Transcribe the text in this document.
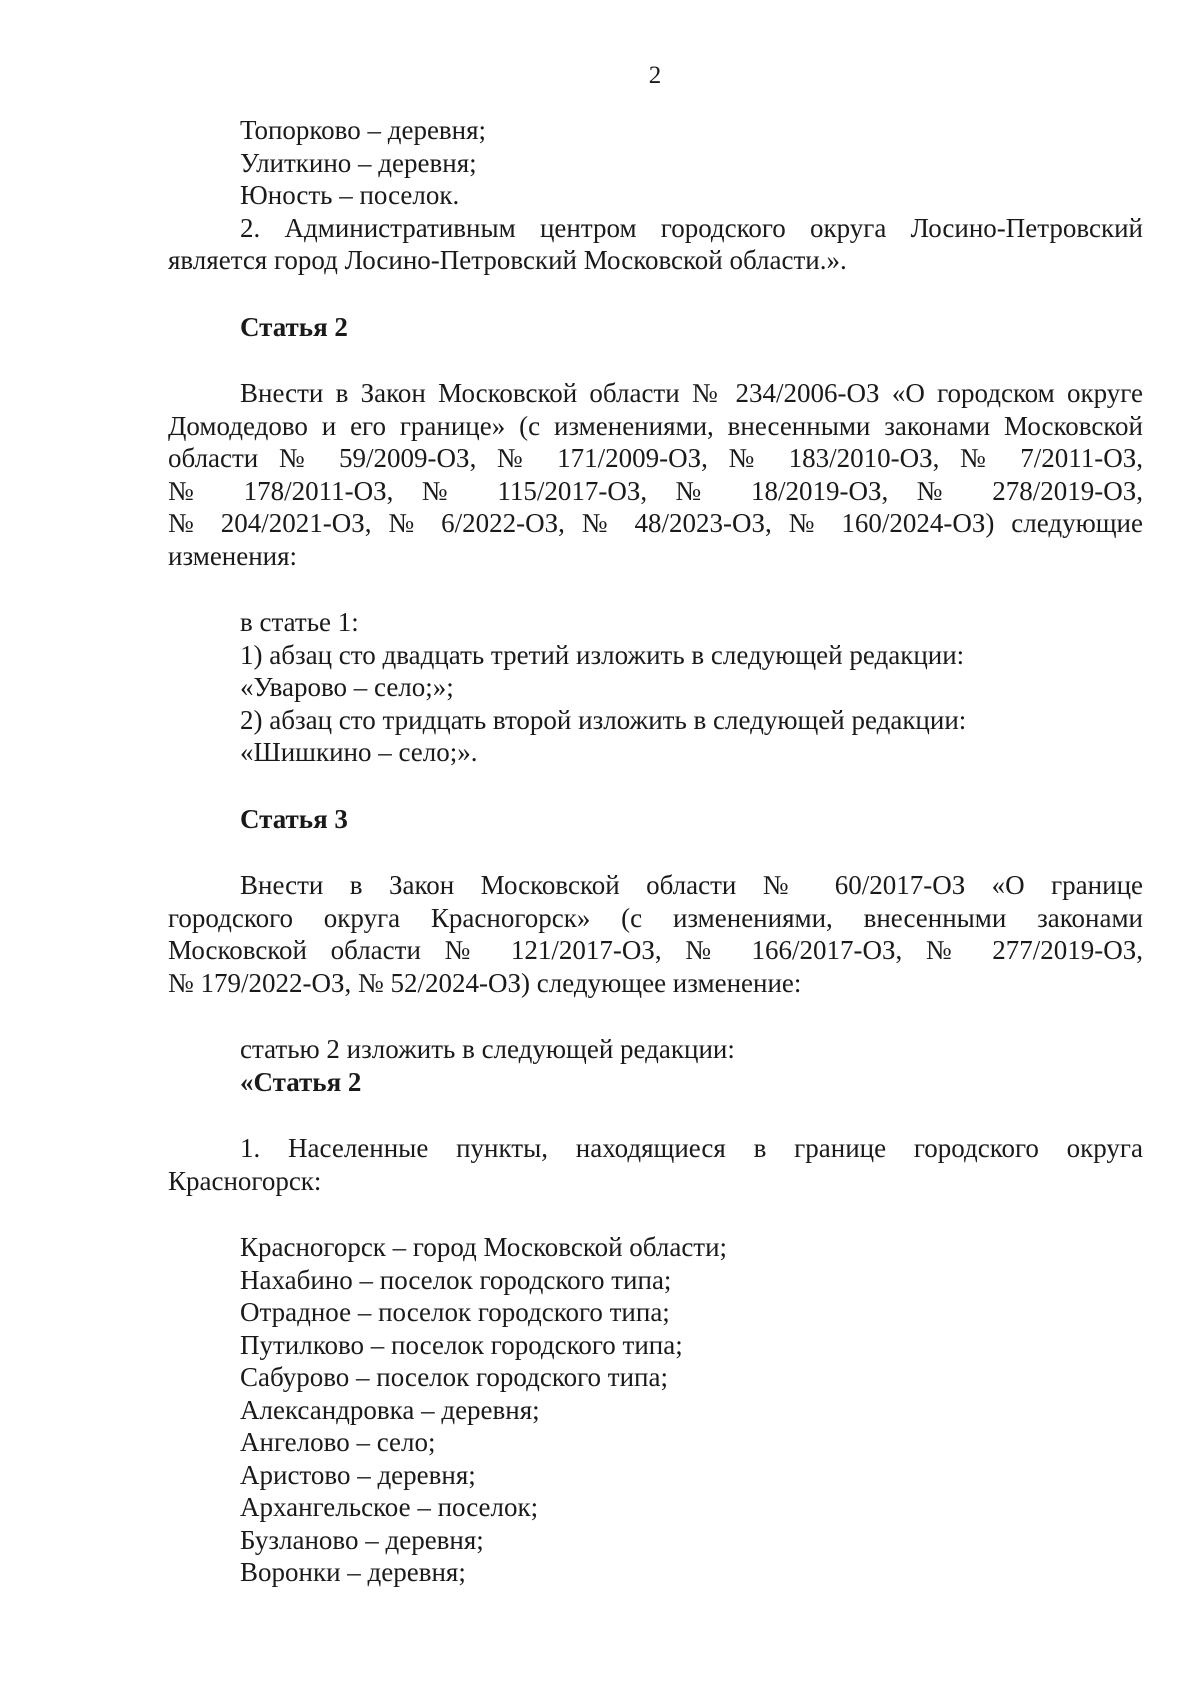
2
Топорково – деревня;
Улиткино – деревня;
Юность – поселок.
2. Административным центром городского округа Лосино-Петровский
является город Лосино-Петровский Московской области.».
Статья 2
Внести в Закон Московской области № 234/2006-ОЗ «О городском округе
Домодедово и его границе» (с изменениями, внесенными законами Московской
области № 59/2009-ОЗ, № 171/2009-ОЗ, № 183/2010-ОЗ, № 7/2011-ОЗ,
№ 178/2011-ОЗ, № 115/2017-ОЗ, № 18/2019-ОЗ, № 278/2019-ОЗ,
№ 204/2021-ОЗ, № 6/2022-ОЗ, № 48/2023-ОЗ, № 160/2024-ОЗ) следующие
изменения:
в статье 1:
1) абзац сто двадцать третий изложить в следующей редакции:
«Уварово – село;»;
2) абзац сто тридцать второй изложить в следующей редакции:
«Шишкино – село;».
Статья 3
Внести в Закон Московской области № 60/2017-ОЗ «О границе
городского округа Красногорск» (с изменениями, внесенными законами
Московской области № 121/2017-ОЗ, № 166/2017-ОЗ, № 277/2019-ОЗ,
№ 179/2022-ОЗ, № 52/2024-ОЗ) следующее изменение:
статью 2 изложить в следующей редакции:
«Статья 2
1. Населенные пункты, находящиеся в границе городского округа
Красногорск:
Красногорск – город Московской области;
Нахабино – поселок городского типа;
Отрадное – поселок городского типа;
Путилково – поселок городского типа;
Сабурово – поселок городского типа;
Александровка – деревня;
Ангелово – село;
Аристово – деревня;
Архангельское – поселок;
Бузланово – деревня;
Воронки – деревня;
